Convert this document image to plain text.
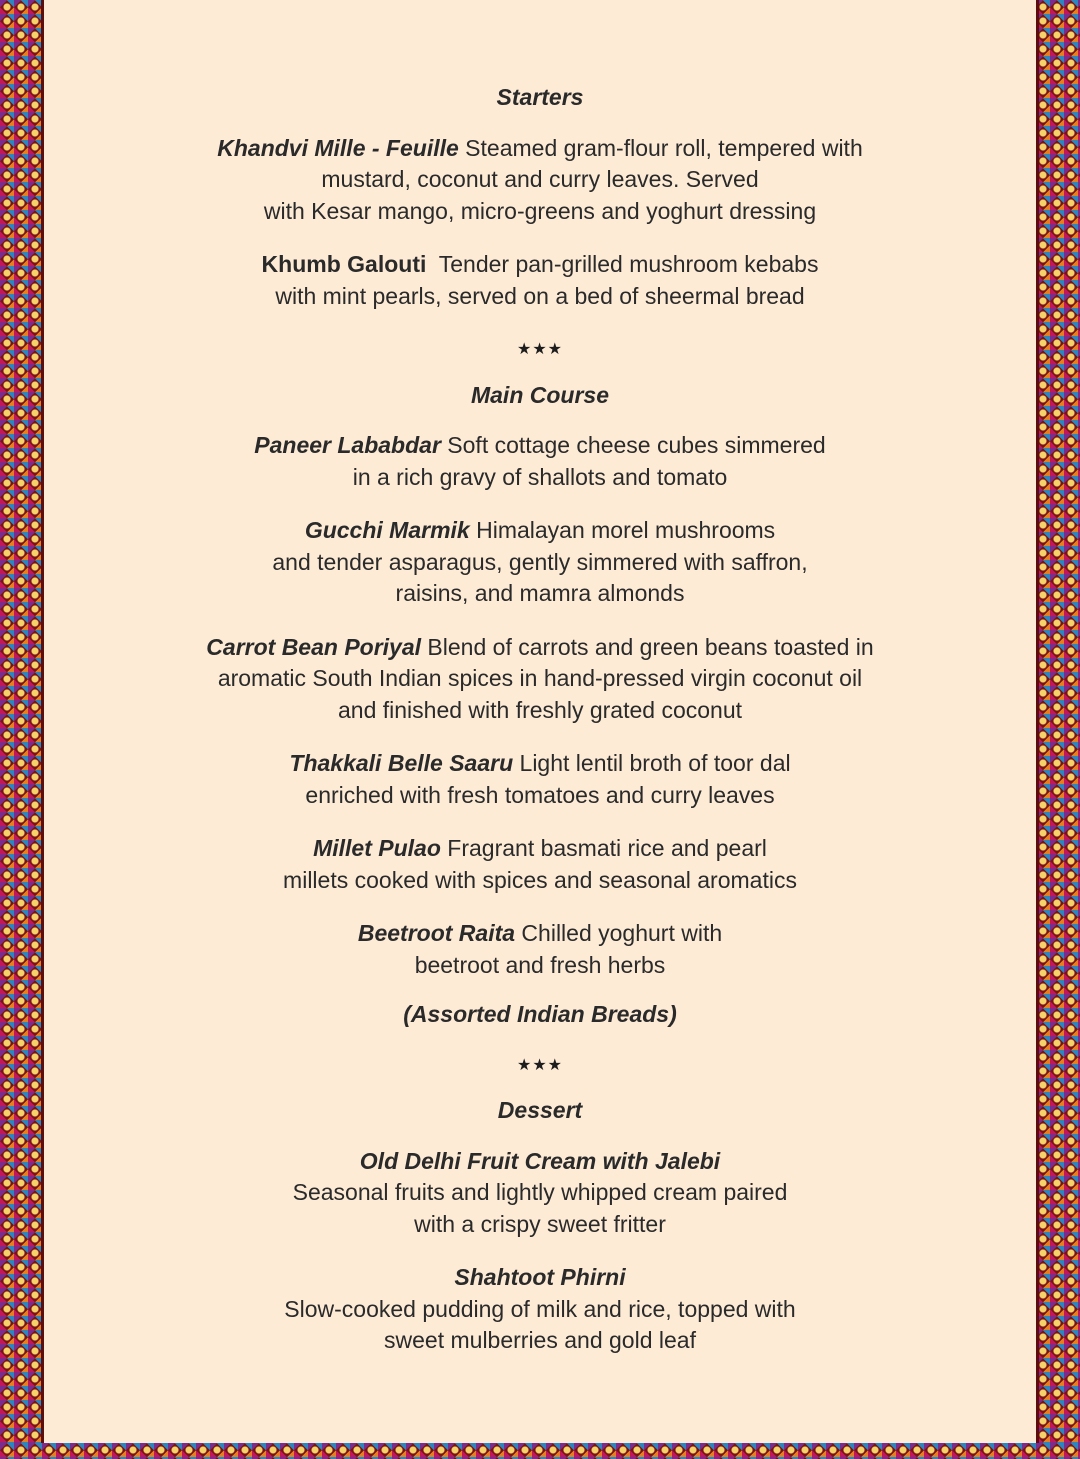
Starters

Khandvi Mille - Feuille Steamed gram-flour roll, tempered with
mustard, coconut and curry leaves. Served
with Kesar mango, micro-greens and yoghurt dressing

Khumb Galouti  Tender pan-grilled mushroom kebabs
with mint pearls, served on a bed of sheermal bread

★★★
Main Course

Paneer Lababdar Soft cottage cheese cubes simmered
in a rich gravy of shallots and tomato

Gucchi Marmik Himalayan morel mushrooms
and tender asparagus, gently simmered with saffron,
raisins, and mamra almonds

Carrot Bean Poriyal Blend of carrots and green beans toasted in
aromatic South Indian spices in hand-pressed virgin coconut oil
and finished with freshly grated coconut

Thakkali Belle Saaru Light lentil broth of toor dal
enriched with fresh tomatoes and curry leaves

Millet Pulao Fragrant basmati rice and pearl
millets cooked with spices and seasonal aromatics

Beetroot Raita Chilled yoghurt with
beetroot and fresh herbs

(Assorted Indian Breads)
★★★
Dessert

Old Delhi Fruit Cream with Jalebi
Seasonal fruits and lightly whipped cream paired
with a crispy sweet fritter

Shahtoot Phirni
Slow-cooked pudding of milk and rice, topped with
sweet mulberries and gold leaf
